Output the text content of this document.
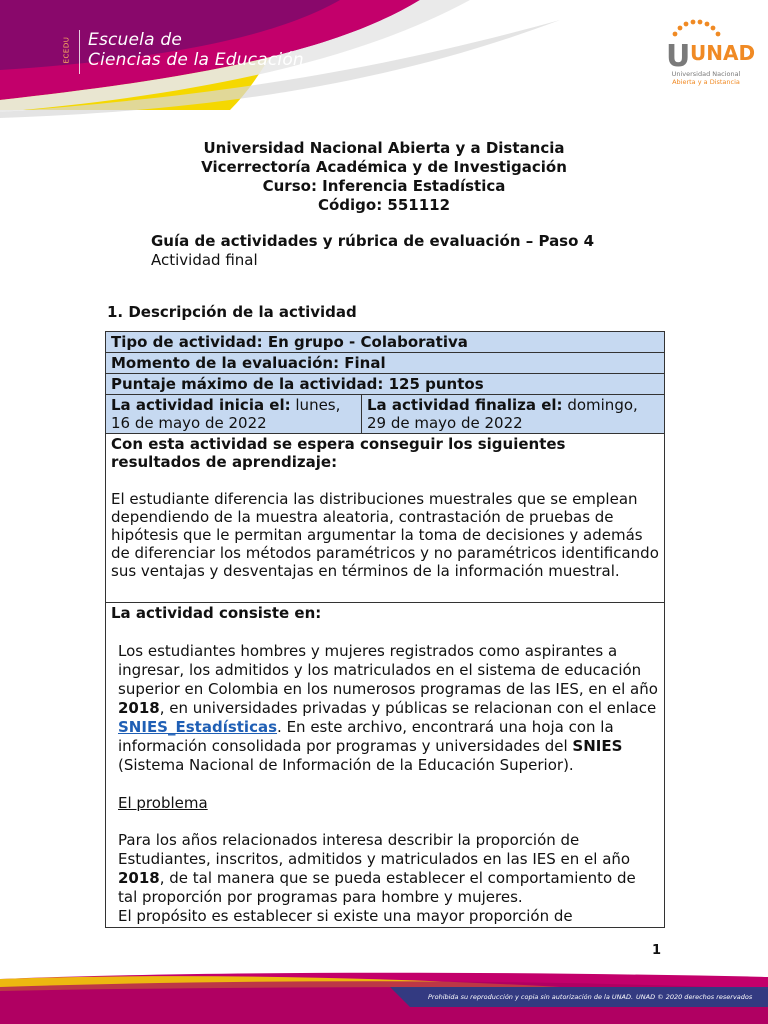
ECEDU Escuela de
Ciencias de la Educación	U UNAD
Universidad Nacional
Abierta y a Distancia
Universidad Nacional Abierta y a Distancia
Vicerrectoría Académica y de Investigación
Curso: Inferencia Estadística
Código: 551112
Guía de actividades y rúbrica de evaluación – Paso 4
Actividad final
1. Descripción de la actividad
Tipo de actividad: En grupo - Colaborativa
Momento de la evaluación: Final
Puntaje máximo de la actividad: 125 puntos
La actividad inicia el: lunes, 16 de mayo de 2022	La actividad finaliza el: domingo, 29 de mayo de 2022

Con esta actividad se espera conseguir los siguientes resultados de aprendizaje:

El estudiante diferencia las distribuciones muestrales que se emplean dependiendo de la muestra aleatoria, contrastación de pruebas de hipótesis que le permitan argumentar la toma de decisiones y además de diferenciar los métodos paramétricos y no paramétricos identificando sus ventajas y desventajas en términos de la información muestral.

La actividad consiste en:

Los estudiantes hombres y mujeres registrados como aspirantes a ingresar, los admitidos y los matriculados en el sistema de educación superior en Colombia en los numerosos programas de las IES, en el año 2018, en universidades privadas y públicas se relacionan con el enlace SNIES_Estadísticas. En este archivo, encontrará una hoja con la información consolidada por programas y universidades del SNIES (Sistema Nacional de Información de la Educación Superior).

El problema

Para los años relacionados interesa describir la proporción de Estudiantes, inscritos, admitidos y matriculados en las IES en el año 2018, de tal manera que se pueda establecer el comportamiento de tal proporción por programas para hombre y mujeres.

El propósito es establecer si existe una mayor proporción de

1
Prohibida su reproducción y copia sin autorización de la UNAD. UNAD © 2020 derechos reservados
